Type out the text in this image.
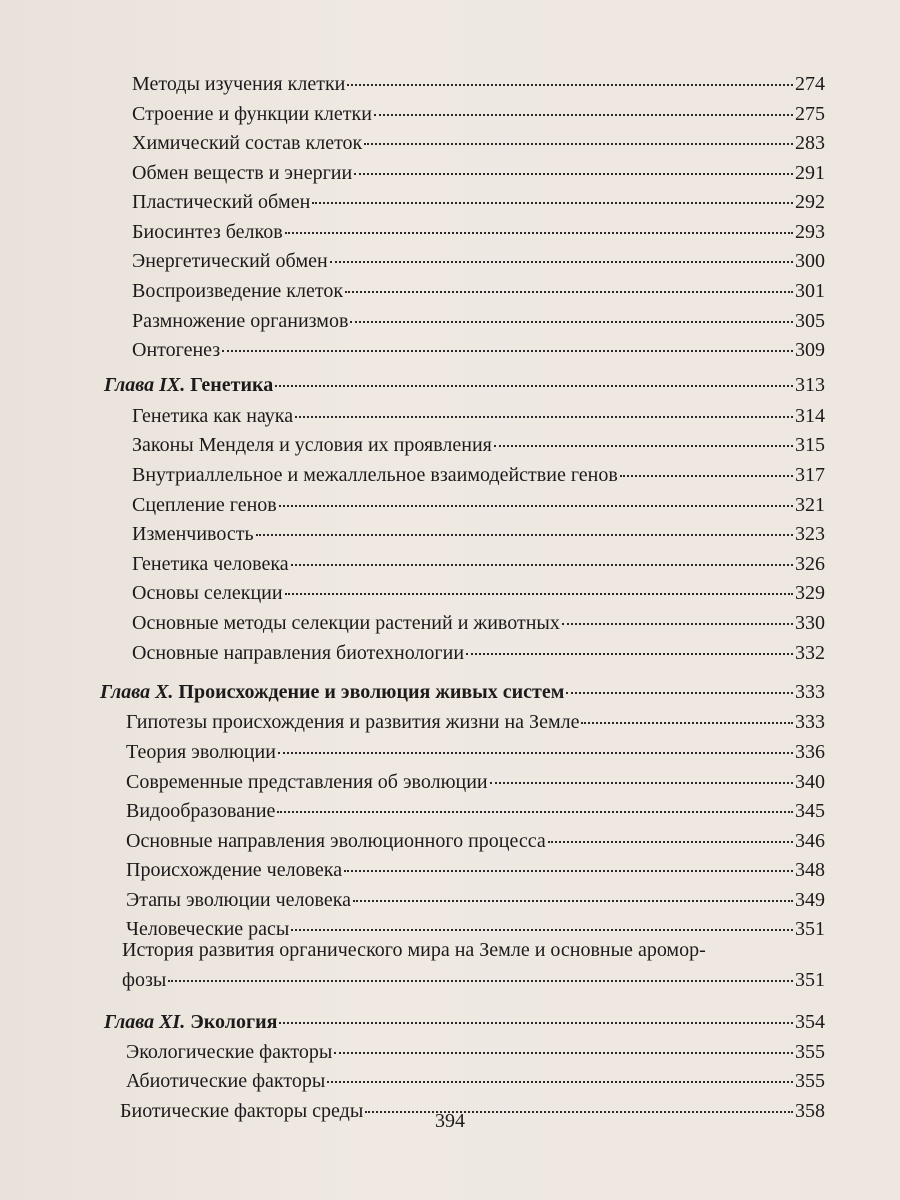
Методы изучения клетки	274
Строение и функции клетки	275
Химический состав клеток	283
Обмен веществ и энергии	291
Пластический обмен	292
Биосинтез белков	293
Энергетический обмен	300
Воспроизведение клеток	301
Размножение организмов	305
Онтогенез	309
Глава IX. Генетика	313
Генетика как наука	314
Законы Менделя и условия их проявления	315
Внутриаллельное и межаллельное взаимодействие генов	317
Сцепление генов	321
Изменчивость	323
Генетика человека	326
Основы селекции	329
Основные методы селекции растений и животных	330
Основные направления биотехнологии	332
Глава X. Происхождение и эволюция живых систем	333
Гипотезы происхождения и развития жизни на Земле	333
Теория эволюции	336
Современные представления об эволюции	340
Видообразование	345
Основные направления эволюционного процесса	346
Происхождение человека	348
Этапы эволюции человека	349
Человеческие расы	351
История развития органического мира на Земле и основные аромор-
фозы	351
Глава XI. Экология	354
Экологические факторы	355
Абиотические факторы	355
Биотические факторы среды	358
394
